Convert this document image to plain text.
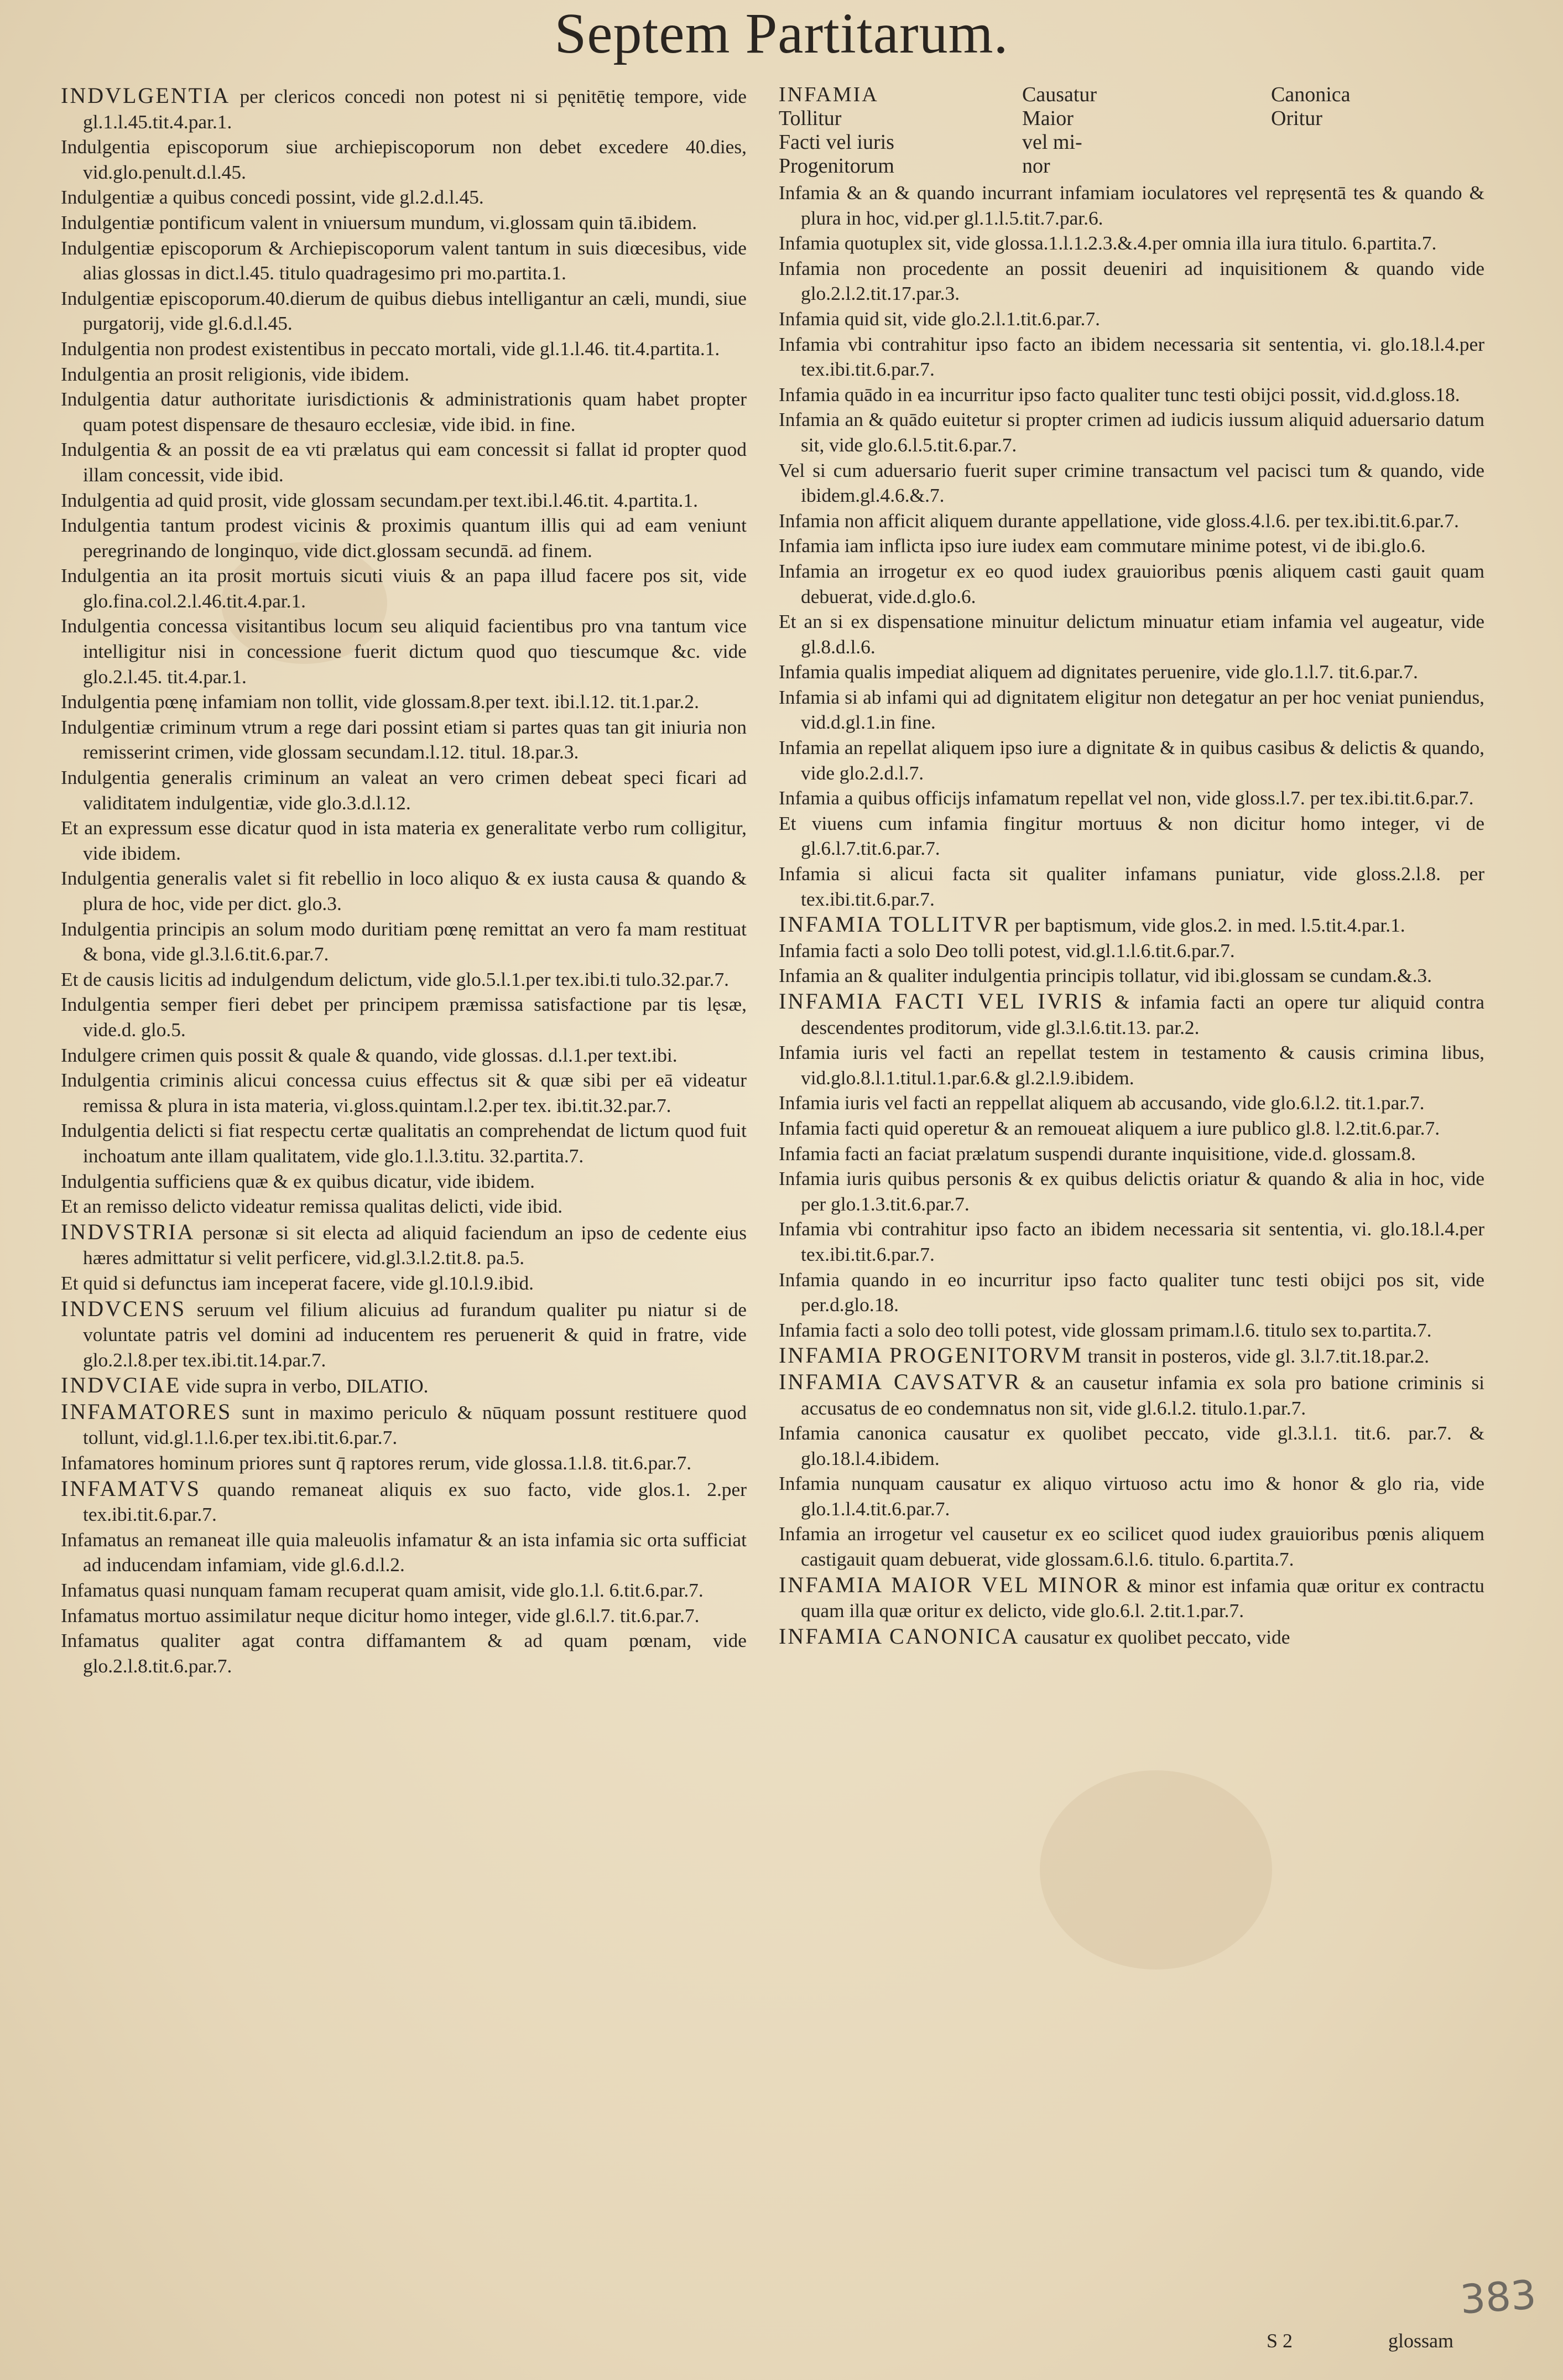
Septem Partitarum.

INDVLGENTIA per clericos concedi non potest ni si pęnitētię tempore, vide gl.1.l.45.tit.4.par.1.

Indulgentia episcoporum siue archiepiscoporum non debet excedere 40.dies, vid.glo.penult.d.l.45.

Indulgentiæ a quibus concedi possint, vide gl.2.d.l.45.

Indulgentiæ pontificum valent in vniuersum mundum, vi.glossam quin tā.ibidem.

Indulgentiæ episcoporum & Archiepiscoporum valent tantum in suis diœcesibus, vide alias glossas in dict.l.45. titulo quadragesimo pri mo.partita.1.

Indulgentiæ episcoporum.40.dierum de quibus diebus intelligantur an cæli, mundi, siue purgatorij, vide gl.6.d.l.45.

Indulgentia non prodest existentibus in peccato mortali, vide gl.1.l.46. tit.4.partita.1.

Indulgentia an prosit religionis, vide ibidem.

Indulgentia datur authoritate iurisdictionis & administrationis quam habet propter quam potest dispensare de thesauro ecclesiæ, vide ibid. in fine.

Indulgentia & an possit de ea vti prælatus qui eam concessit si fallat id propter quod illam concessit, vide ibid.

Indulgentia ad quid prosit, vide glossam secundam.per text.ibi.l.46.tit. 4.partita.1.

Indulgentia tantum prodest vicinis & proximis quantum illis qui ad eam veniunt peregrinando de longinquo, vide dict.glossam secundā. ad finem.

Indulgentia an ita prosit mortuis sicuti viuis & an papa illud facere pos sit, vide glo.fina.col.2.l.46.tit.4.par.1.

Indulgentia concessa visitantibus locum seu aliquid facientibus pro vna tantum vice intelligitur nisi in concessione fuerit dictum quod quo tiescumque &c. vide glo.2.l.45. tit.4.par.1.

Indulgentia pœnę infamiam non tollit, vide glossam.8.per text. ibi.l.12. tit.1.par.2.

Indulgentiæ criminum vtrum a rege dari possint etiam si partes quas tan git iniuria non remisserint crimen, vide glossam secundam.l.12. titul. 18.par.3.

Indulgentia generalis criminum an valeat an vero crimen debeat speci ficari ad validitatem indulgentiæ, vide glo.3.d.l.12.

Et an expressum esse dicatur quod in ista materia ex generalitate verbo rum colligitur, vide ibidem.

Indulgentia generalis valet si fit rebellio in loco aliquo & ex iusta causa & quando & plura de hoc, vide per dict. glo.3.

Indulgentia principis an solum modo duritiam pœnę remittat an vero fa mam restituat & bona, vide gl.3.l.6.tit.6.par.7.

Et de causis licitis ad indulgendum delictum, vide glo.5.l.1.per tex.ibi.ti tulo.32.par.7.

Indulgentia semper fieri debet per principem præmissa satisfactione par tis lęsæ, vide.d. glo.5.

Indulgere crimen quis possit & quale & quando, vide glossas. d.l.1.per text.ibi.

Indulgentia criminis alicui concessa cuius effectus sit & quæ sibi per eā videatur remissa & plura in ista materia, vi.gloss.quintam.l.2.per tex. ibi.tit.32.par.7.

Indulgentia delicti si fiat respectu certæ qualitatis an comprehendat de lictum quod fuit inchoatum ante illam qualitatem, vide glo.1.l.3.titu. 32.partita.7.

Indulgentia sufficiens quæ & ex quibus dicatur, vide ibidem.

Et an remisso delicto videatur remissa qualitas delicti, vide ibid.

INDVSTRIA personæ si sit electa ad aliquid faciendum an ipso de cedente eius hæres admittatur si velit perficere, vid.gl.3.l.2.tit.8. pa.5.

Et quid si defunctus iam inceperat facere, vide gl.10.l.9.ibid.

INDVCENS seruum vel filium alicuius ad furandum qualiter pu niatur si de voluntate patris vel domini ad inducentem res peruenerit & quid in fratre, vide glo.2.l.8.per tex.ibi.tit.14.par.7.

INDVCIAE vide supra in verbo, DILATIO.

INFAMATORES sunt in maximo periculo & nūquam possunt restituere quod tollunt, vid.gl.1.l.6.per tex.ibi.tit.6.par.7.

Infamatores hominum priores sunt q̄ raptores rerum, vide glossa.1.l.8. tit.6.par.7.

INFAMATVS quando remaneat aliquis ex suo facto, vide glos.1. 2.per tex.ibi.tit.6.par.7.

Infamatus an remaneat ille quia maleuolis infamatur & an ista infamia sic orta sufficiat ad inducendam infamiam, vide gl.6.d.l.2.

Infamatus quasi nunquam famam recuperat quam amisit, vide glo.1.l. 6.tit.6.par.7.

Infamatus mortuo assimilatur neque dicitur homo integer, vide gl.6.l.7. tit.6.par.7.

Infamatus qualiter agat contra diffamantem & ad quam pœnam, vide glo.2.l.8.tit.6.par.7.

INFAMIA
Tollitur
Facti vel iuris
Progenitorum
Causatur
Maior
vel mi-
nor
Canonica
Oritur

Infamia & an & quando incurrant infamiam ioculatores vel repręsentā tes & quando & plura in hoc, vid.per gl.1.l.5.tit.7.par.6.

Infamia quotuplex sit, vide glossa.1.l.1.2.3.&.4.per omnia illa iura titulo. 6.partita.7.

Infamia non procedente an possit deueniri ad inquisitionem & quando vide glo.2.l.2.tit.17.par.3.

Infamia quid sit, vide glo.2.l.1.tit.6.par.7.

Infamia vbi contrahitur ipso facto an ibidem necessaria sit sententia, vi. glo.18.l.4.per tex.ibi.tit.6.par.7.

Infamia quādo in ea incurritur ipso facto qualiter tunc testi obijci possit, vid.d.gloss.18.

Infamia an & quādo euitetur si propter crimen ad iudicis iussum aliquid aduersario datum sit, vide glo.6.l.5.tit.6.par.7.

Vel si cum aduersario fuerit super crimine transactum vel pacisci tum & quando, vide ibidem.gl.4.6.&.7.

Infamia non afficit aliquem durante appellatione, vide gloss.4.l.6. per tex.ibi.tit.6.par.7.

Infamia iam inflicta ipso iure iudex eam commutare minime potest, vi de ibi.glo.6.

Infamia an irrogetur ex eo quod iudex grauioribus pœnis aliquem casti gauit quam debuerat, vide.d.glo.6.

Et an si ex dispensatione minuitur delictum minuatur etiam infamia vel augeatur, vide gl.8.d.l.6.

Infamia qualis impediat aliquem ad dignitates peruenire, vide glo.1.l.7. tit.6.par.7.

Infamia si ab infami qui ad dignitatem eligitur non detegatur an per hoc veniat puniendus, vid.d.gl.1.in fine.

Infamia an repellat aliquem ipso iure a dignitate & in quibus casibus & delictis & quando, vide glo.2.d.l.7.

Infamia a quibus officijs infamatum repellat vel non, vide gloss.l.7. per tex.ibi.tit.6.par.7.

Et viuens cum infamia fingitur mortuus & non dicitur homo integer, vi de gl.6.l.7.tit.6.par.7.

Infamia si alicui facta sit qualiter infamans puniatur, vide gloss.2.l.8. per tex.ibi.tit.6.par.7.

INFAMIA TOLLITVR per baptismum, vide glos.2. in med. l.5.tit.4.par.1.

Infamia facti a solo Deo tolli potest, vid.gl.1.l.6.tit.6.par.7.

Infamia an & qualiter indulgentia principis tollatur, vid ibi.glossam se cundam.&.3.

INFAMIA FACTI VEL IVRIS & infamia facti an opere tur aliquid contra descendentes proditorum, vide gl.3.l.6.tit.13. par.2.

Infamia iuris vel facti an repellat testem in testamento & causis crimina libus, vid.glo.8.l.1.titul.1.par.6.& gl.2.l.9.ibidem.

Infamia iuris vel facti an reppellat aliquem ab accusando, vide glo.6.l.2. tit.1.par.7.

Infamia facti quid operetur & an remoueat aliquem a iure publico gl.8. l.2.tit.6.par.7.

Infamia facti an faciat prælatum suspendi durante inquisitione, vide.d. glossam.8.

Infamia iuris quibus personis & ex quibus delictis oriatur & quando & alia in hoc, vide per glo.1.3.tit.6.par.7.

Infamia vbi contrahitur ipso facto an ibidem necessaria sit sententia, vi. glo.18.l.4.per tex.ibi.tit.6.par.7.

Infamia quando in eo incurritur ipso facto qualiter tunc testi obijci pos sit, vide per.d.glo.18.

Infamia facti a solo deo tolli potest, vide glossam primam.l.6. titulo sex to.partita.7.

INFAMIA PROGENITORVM transit in posteros, vide gl. 3.l.7.tit.18.par.2.

INFAMIA CAVSATVR & an causetur infamia ex sola pro batione criminis si accusatus de eo condemnatus non sit, vide gl.6.l.2. titulo.1.par.7.

Infamia canonica causatur ex quolibet peccato, vide gl.3.l.1. tit.6. par.7. & glo.18.l.4.ibidem.

Infamia nunquam causatur ex aliquo virtuoso actu imo & honor & glo ria, vide glo.1.l.4.tit.6.par.7.

Infamia an irrogetur vel causetur ex eo scilicet quod iudex grauioribus pœnis aliquem castigauit quam debuerat, vide glossam.6.l.6. titulo. 6.partita.7.

INFAMIA MAIOR VEL MINOR & minor est infamia quæ oritur ex contractu quam illa quæ oritur ex delicto, vide glo.6.l. 2.tit.1.par.7.

INFAMIA CANONICA causatur ex quolibet peccato, vide

S 2	glossam
383
